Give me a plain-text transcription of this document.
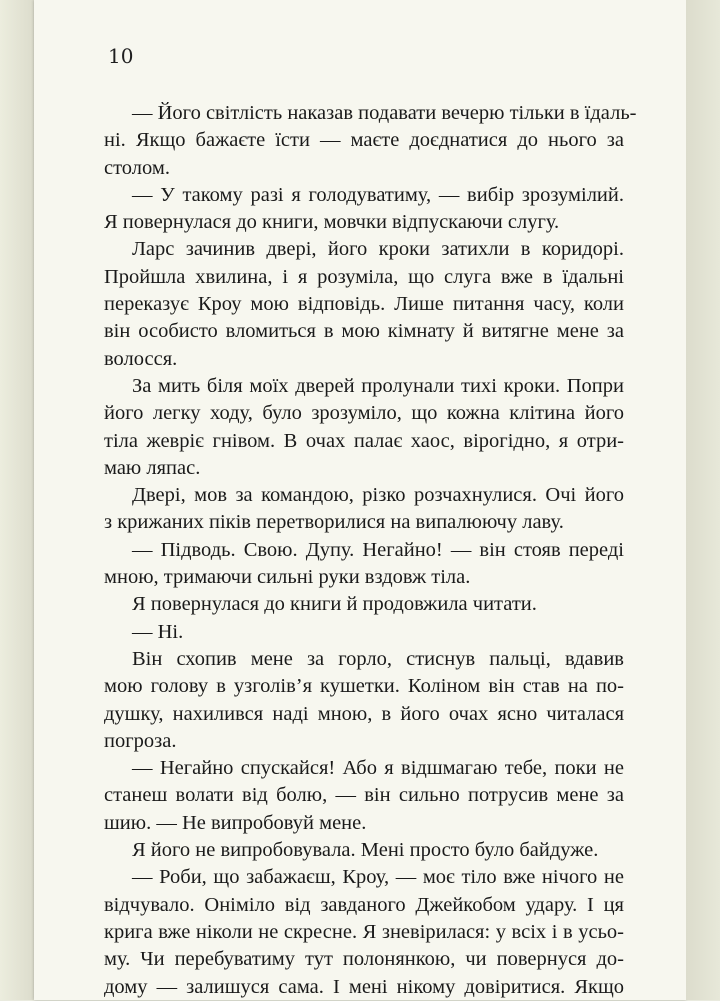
10
— Його світлість наказав подавати вечерю тільки в їдаль-
ні. Якщо бажаєте їсти — маєте доєднатися до нього за
столом.
— У такому разі я голодуватиму, — вибір зрозумілий.
Я повернулася до книги, мовчки відпускаючи слугу.
Ларс зачинив двері, його кроки затихли в коридорі.
Пройшла хвилина, і я розуміла, що слуга вже в їдальні
переказує Кроу мою відповідь. Лише питання часу, коли
він особисто вломиться в мою кімнату й витягне мене за
волосся.
За мить біля моїх дверей пролунали тихі кроки. Попри
його легку ходу, було зрозуміло, що кожна клітина його
тіла жевріє гнівом. В очах палає хаос, вірогідно, я отри-
маю ляпас.
Двері, мов за командою, різко розчахнулися. Очі його
з крижаних піків перетворилися на випалюючу лаву.
— Підводь. Свою. Дупу. Негайно! — він стояв переді
мною, тримаючи сильні руки вздовж тіла.
Я повернулася до книги й продовжила читати.
— Ні.
Він схопив мене за горло, стиснув пальці, вдавив
мою голову в узголів’я кушетки. Коліном він став на по-
душку, нахилився наді мною, в його очах ясно читалася
погроза.
— Негайно спускайся! Або я відшмагаю тебе, поки не
станеш волати від болю, — він сильно потрусив мене за
шию. — Не випробовуй мене.
Я його не випробовувала. Мені просто було байдуже.
— Роби, що забажаєш, Кроу, — моє тіло вже нічого не
відчувало. Оніміло від завданого Джейкобом удару. І ця
крига вже ніколи не скресне. Я зневірилася: у всіх і в усьо-
му. Чи перебуватиму тут полонянкою, чи повернуся до-
дому — залишуся сама. І мені нікому довіритися. Якщо
